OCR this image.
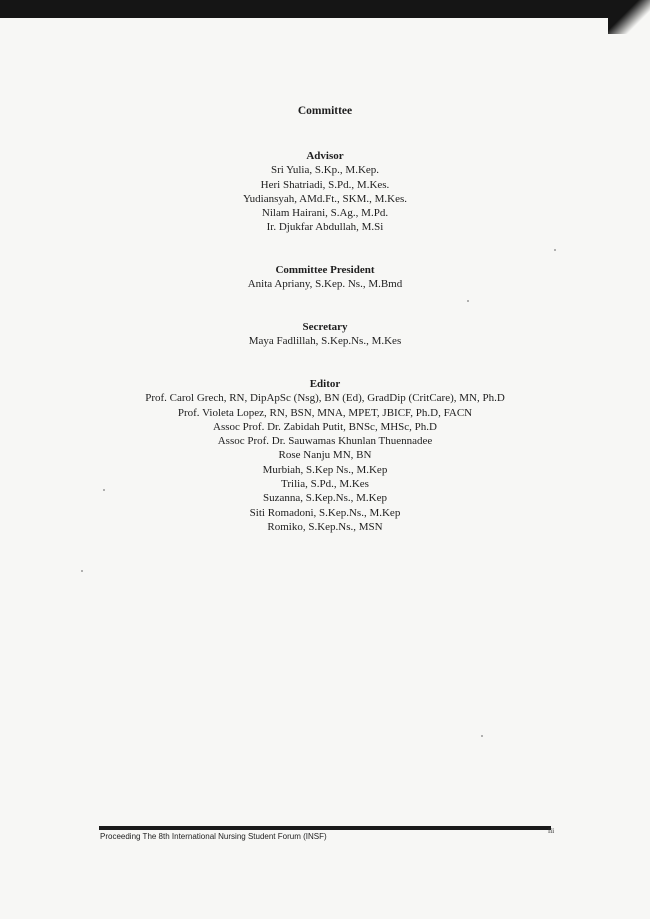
Committee
Advisor
Sri Yulia, S.Kp., M.Kep.
Heri Shatriadi, S.Pd., M.Kes.
Yudiansyah, AMd.Ft., SKM., M.Kes.
Nilam Hairani, S.Ag., M.Pd.
Ir. Djukfar Abdullah, M.Si
Committee President
Anita Apriany, S.Kep. Ns., M.Bmd
Secretary
Maya Fadlillah, S.Kep.Ns., M.Kes
Editor
Prof. Carol Grech, RN, DipApSc (Nsg), BN (Ed), GradDip (CritCare), MN, Ph.D
Prof. Violeta Lopez, RN, BSN, MNA, MPET, JBICF, Ph.D, FACN
Assoc Prof. Dr. Zabidah Putit, BNSc, MHSc, Ph.D
Assoc Prof. Dr. Sauwamas Khunlan Thuennadee
Rose Nanju MN, BN
Murbiah, S.Kep Ns., M.Kep
Trilia, S.Pd., M.Kes
Suzanna, S.Kep.Ns., M.Kep
Siti Romadoni, S.Kep.Ns., M.Kep
Romiko, S.Kep.Ns., MSN
Proceeding The 8th International Nursing Student Forum (INSF)
iii
